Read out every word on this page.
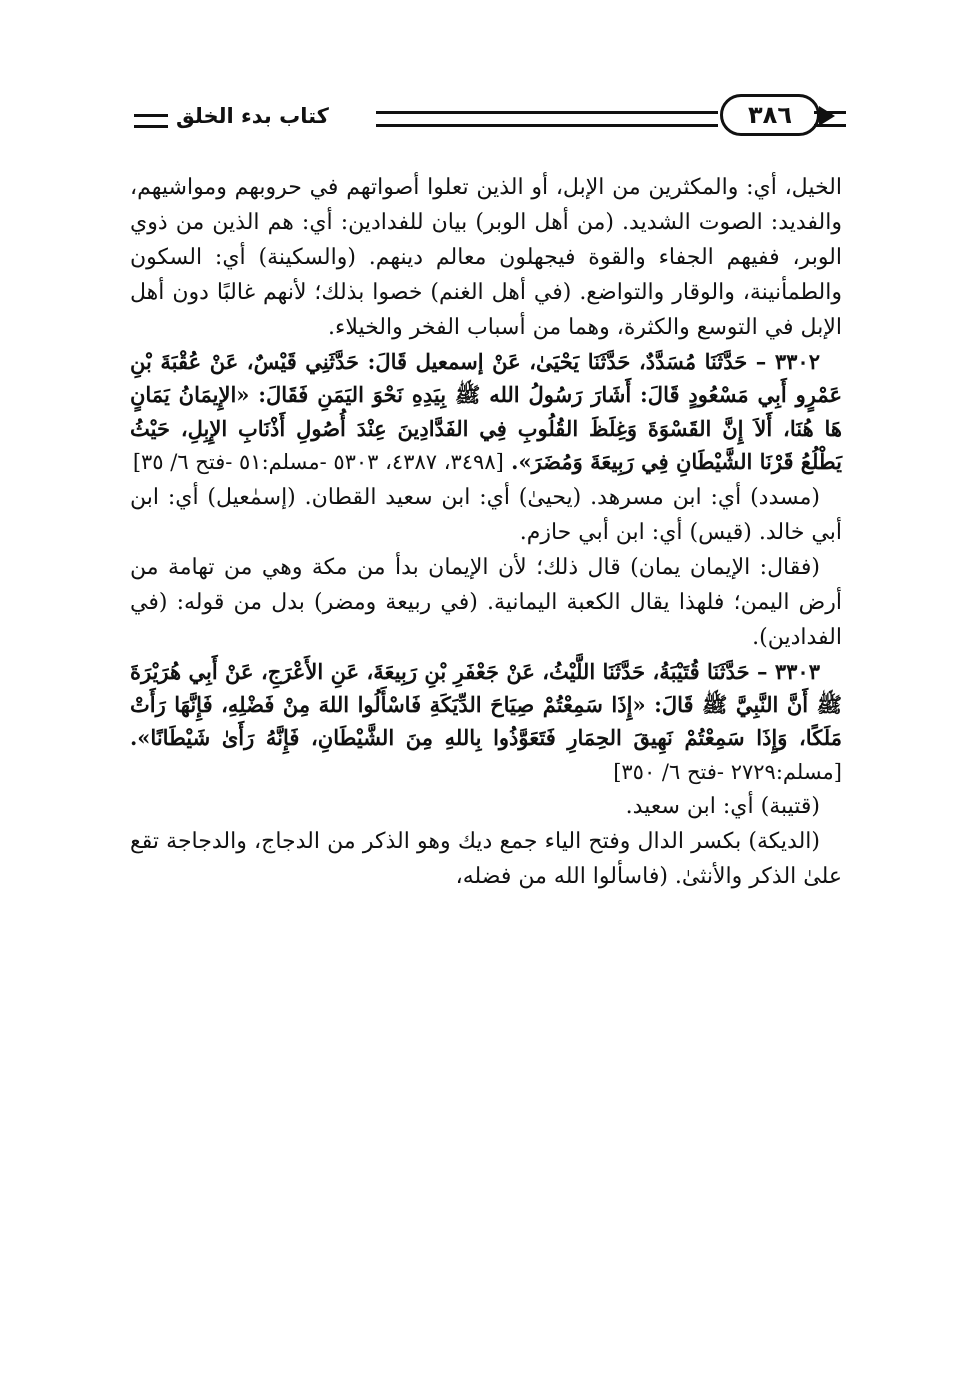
كتاب بدء الخلق	٣٨٦

الخيل، أي: والمكثرين من الإبل، أو الذين تعلوا أصواتهم في حروبهم ومواشيهم، والفديد: الصوت الشديد. (من أهل الوبر) بيان للفدادين: أي: هم الذين من ذوي الوبر، ففيهم الجفاء والقوة فيجهلون معالم دينهم. (والسكينة) أي: السكون والطمأنينة، والوقار والتواضع. (في أهل الغنم) خصوا بذلك؛ لأنهم غالبًا دون أهل الإبل في التوسع والكثرة، وهما من أسباب الفخر والخيلاء.

٣٣٠٢ – حَدَّثَنَا مُسَدَّدٌ، حَدَّثَنَا يَحْيَىٰ، عَنْ إسمعيل قَالَ: حَدَّثَنِي قَيْسٌ، عَنْ عُقْبَةَ بْنِ عَمْرٍو أَبِي مَسْعُودٍ قَالَ: أَشَارَ رَسُولُ الله ﷺ بِيَدِهِ نَحْوَ اليَمَنِ فَقَالَ: «الإِيمَانُ يَمَانٍ هَا هُنَا، أَلاَ إِنَّ القَسْوَةَ وَغِلَظَ القُلُوبِ فِي الفَدَّادِينَ عِنْدَ أُصُولِ أَذْنَابِ الإِبِلِ، حَيْثُ يَطْلُعُ قَرْنَا الشَّيْطَانِ فِي رَبِيعَةَ وَمُضَرَ». [٣٤٩٨، ٤٣٨٧، ٥٣٠٣ -مسلم:٥١ -فتح ٦/ ٣٥]

(مسدد) أي: ابن مسرهد. (يحيىٰ) أي: ابن سعيد القطان. (إسمٰعيل) أي: ابن أبي خالد. (قيس) أي: ابن أبي حازم.

(فقال: الإيمان يمان) قال ذلك؛ لأن الإيمان بدأ من مكة وهي من تهامة من أرض اليمن؛ فلهذا يقال الكعبة اليمانية. (في ربيعة ومضر) بدل من قوله: (في الفدادين).

٣٣٠٣ – حَدَّثَنَا قُتَيْبَةُ، حَدَّثَنَا اللَّيْثُ، عَنْ جَعْفَرِ بْنِ رَبِيعَةَ، عَنِ الأَعْرَجِ، عَنْ أَبِي هُرَيْرَةَ ﷺ أَنَّ النَّبِيَّ ﷺ قَالَ: «إِذَا سَمِعْتُمْ صِيَاحَ الدِّيَكَةِ فَاسْأَلُوا اللهَ مِنْ فَضْلِهِ، فَإِنَّهَا رَأَتْ مَلَكًا، وَإِذَا سَمِعْتُمْ نَهِيقَ الحِمَارِ فَتَعَوَّذُوا بِاللهِ مِنَ الشَّيْطَانِ، فَإِنَّهُ رَأَىٰ شَيْطَانًا». [مسلم:٢٧٢٩ -فتح ٦/ ٣٥٠]

(قتيبة) أي: ابن سعيد.

(الديكة) بكسر الدال وفتح الياء جمع ديك وهو الذكر من الدجاج، والدجاجة تقع علىٰ الذكر والأنثىٰ. (فاسألوا الله من فضله،
